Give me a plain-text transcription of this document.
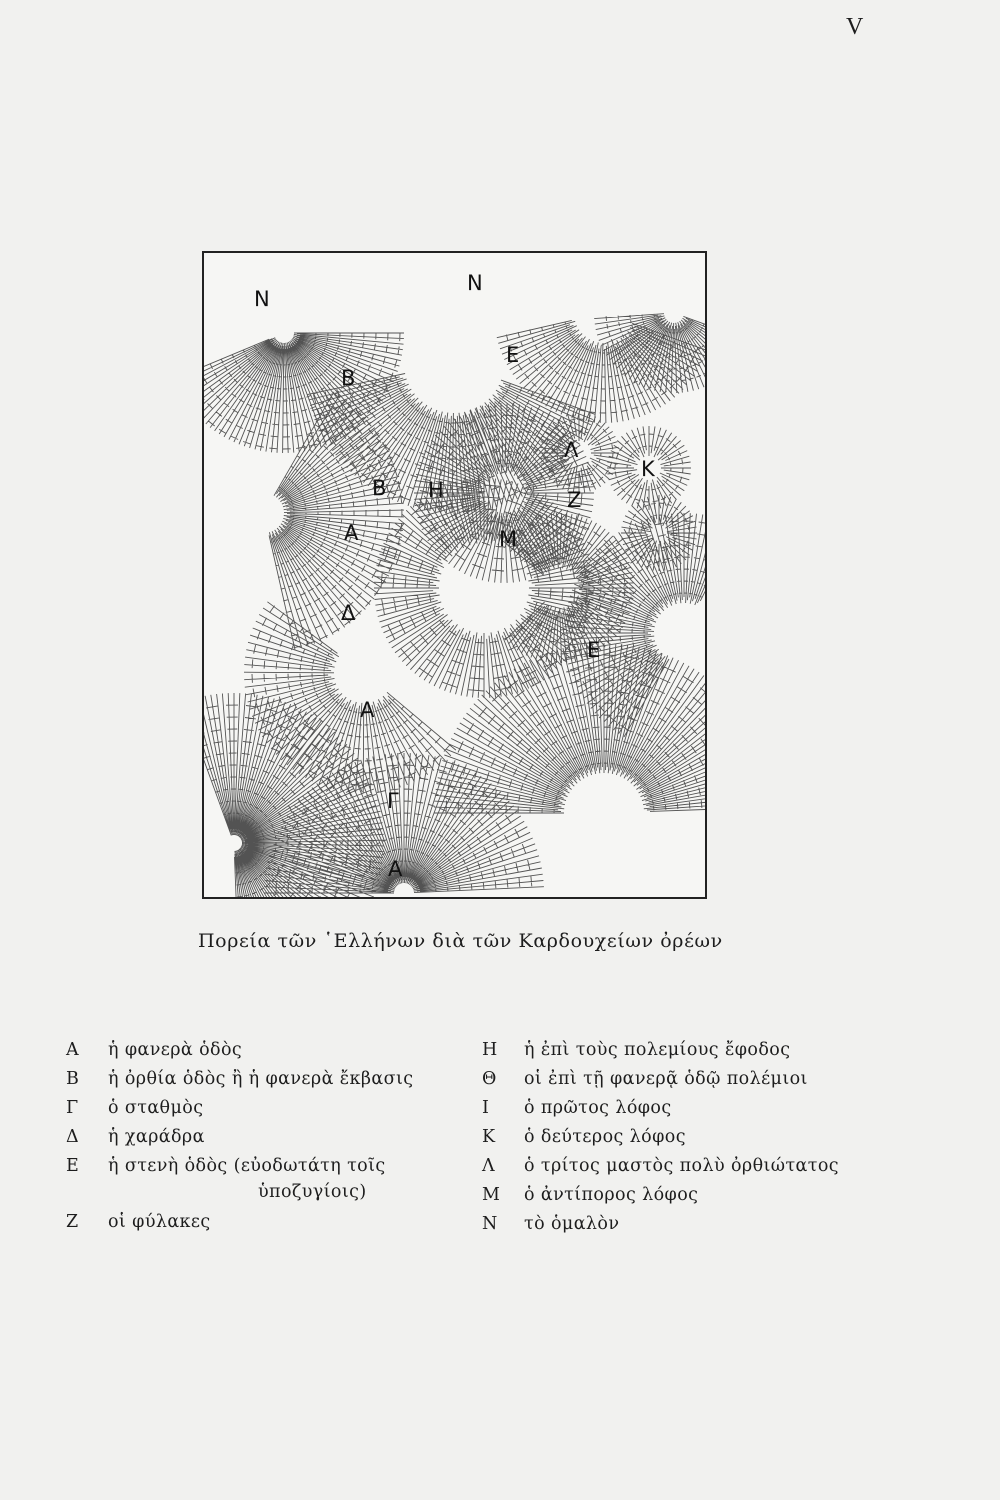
V
Ν
Ν
Ε
Β
Λ
Κ
Β Η	Ζ
Α	Μ
Δ
Ε
Α
Γ
Α
Πορεία τῶν ῾Ελλήνων διὰ τῶν Καρδουχείων ὀρέων
Α	ἡ φανερὰ ὁδὸς
Β	ἡ ὀρθία ὁδὸς ἢ ἡ φανερὰ ἔκβασις
Γ	ὁ σταθμὸς
Δ	ἡ χαράδρα
Ε	ἡ στενὴ ὁδὸς (εὐοδωτάτη τοῖς
ὑποζυγίοις)
Ζ	οἱ φύλακες
Η	ἡ ἐπὶ τοὺς πολεμίους ἔφοδος
Θ	οἱ ἐπὶ τῇ φανερᾷ ὁδῷ πολέμιοι
Ι	ὁ πρῶτος λόφος
Κ	ὁ δεύτερος λόφος
Λ	ὁ τρίτος μαστὸς πολὺ ὀρθιώτατος
Μ	ὁ ἀντίπορος λόφος
Ν	τὸ ὁμαλὸν
